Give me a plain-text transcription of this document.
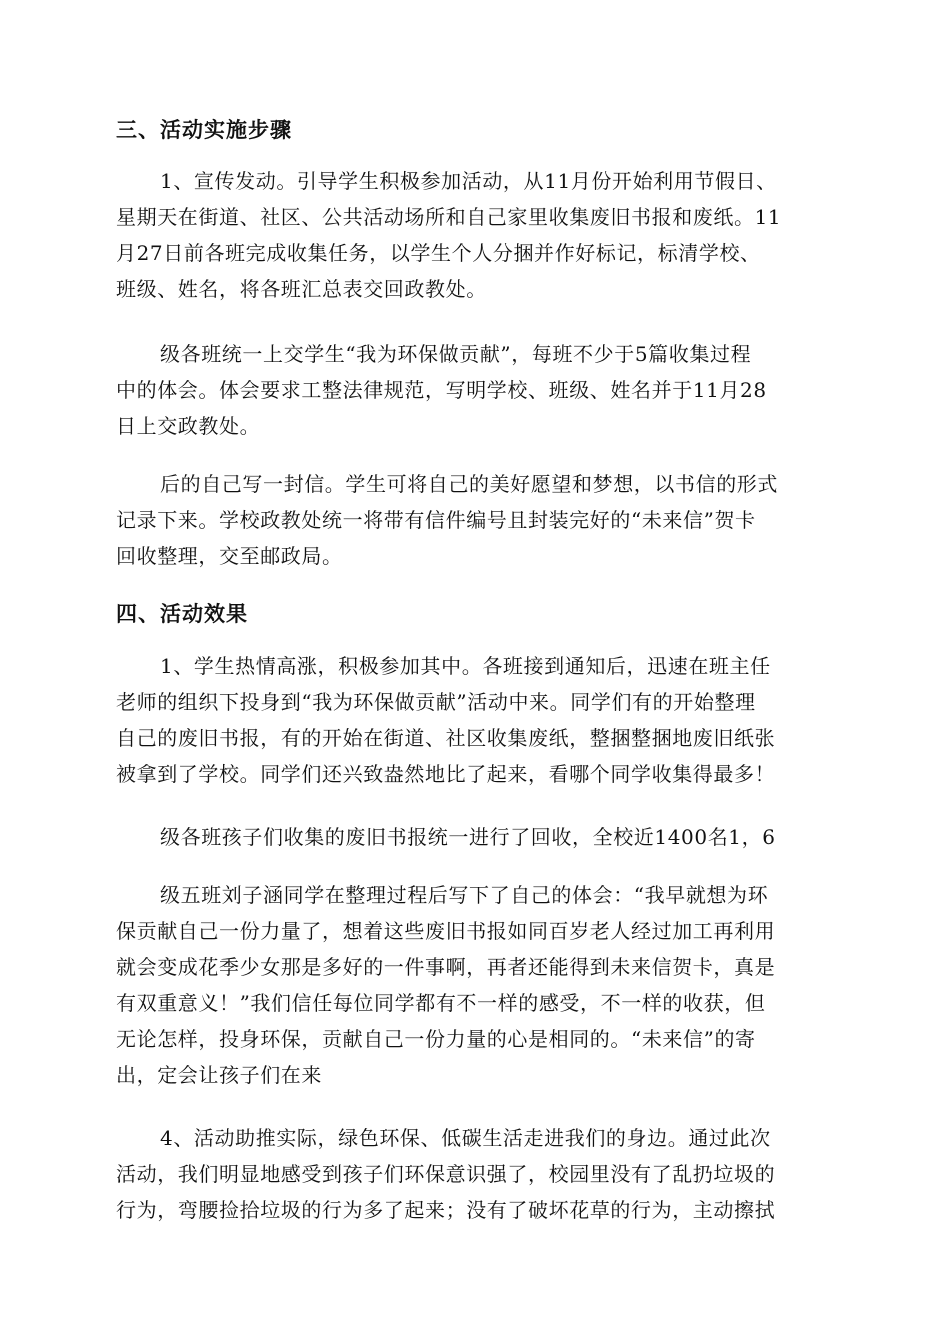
三、活动实施步骤
1、宣传发动。引导学生积极参加活动，从11月份开始利用节假日、
星期天在街道、社区、公共活动场所和自己家里收集废旧书报和废纸。11
月27日前各班完成收集任务，以学生个人分捆并作好标记，标清学校、
班级、姓名，将各班汇总表交回政教处。
级各班统一上交学生“我为环保做贡献”，每班不少于5篇收集过程
中的体会。体会要求工整法律规范，写明学校、班级、姓名并于11月28
日上交政教处。
后的自己写一封信。学生可将自己的美好愿望和梦想，以书信的形式
记录下来。学校政教处统一将带有信件编号且封装完好的“未来信”贺卡
回收整理，交至邮政局。
四、活动效果
1、学生热情高涨，积极参加其中。各班接到通知后，迅速在班主任
老师的组织下投身到“我为环保做贡献”活动中来。同学们有的开始整理
自己的废旧书报，有的开始在街道、社区收集废纸，整捆整捆地废旧纸张
被拿到了学校。同学们还兴致盎然地比了起来，看哪个同学收集得最多！
级各班孩子们收集的废旧书报统一进行了回收，全校近1400名1，6
级五班刘子涵同学在整理过程后写下了自己的体会：“我早就想为环
保贡献自己一份力量了，想着这些废旧书报如同百岁老人经过加工再利用
就会变成花季少女那是多好的一件事啊，再者还能得到未来信贺卡，真是
有双重意义！”我们信任每位同学都有不一样的感受，不一样的收获，但
无论怎样，投身环保，贡献自己一份力量的心是相同的。“未来信”的寄
出，定会让孩子们在来
4、活动助推实际，绿色环保、低碳生活走进我们的身边。通过此次
活动，我们明显地感受到孩子们环保意识强了，校园里没有了乱扔垃圾的
行为，弯腰捡拾垃圾的行为多了起来；没有了破坏花草的行为，主动擦拭
